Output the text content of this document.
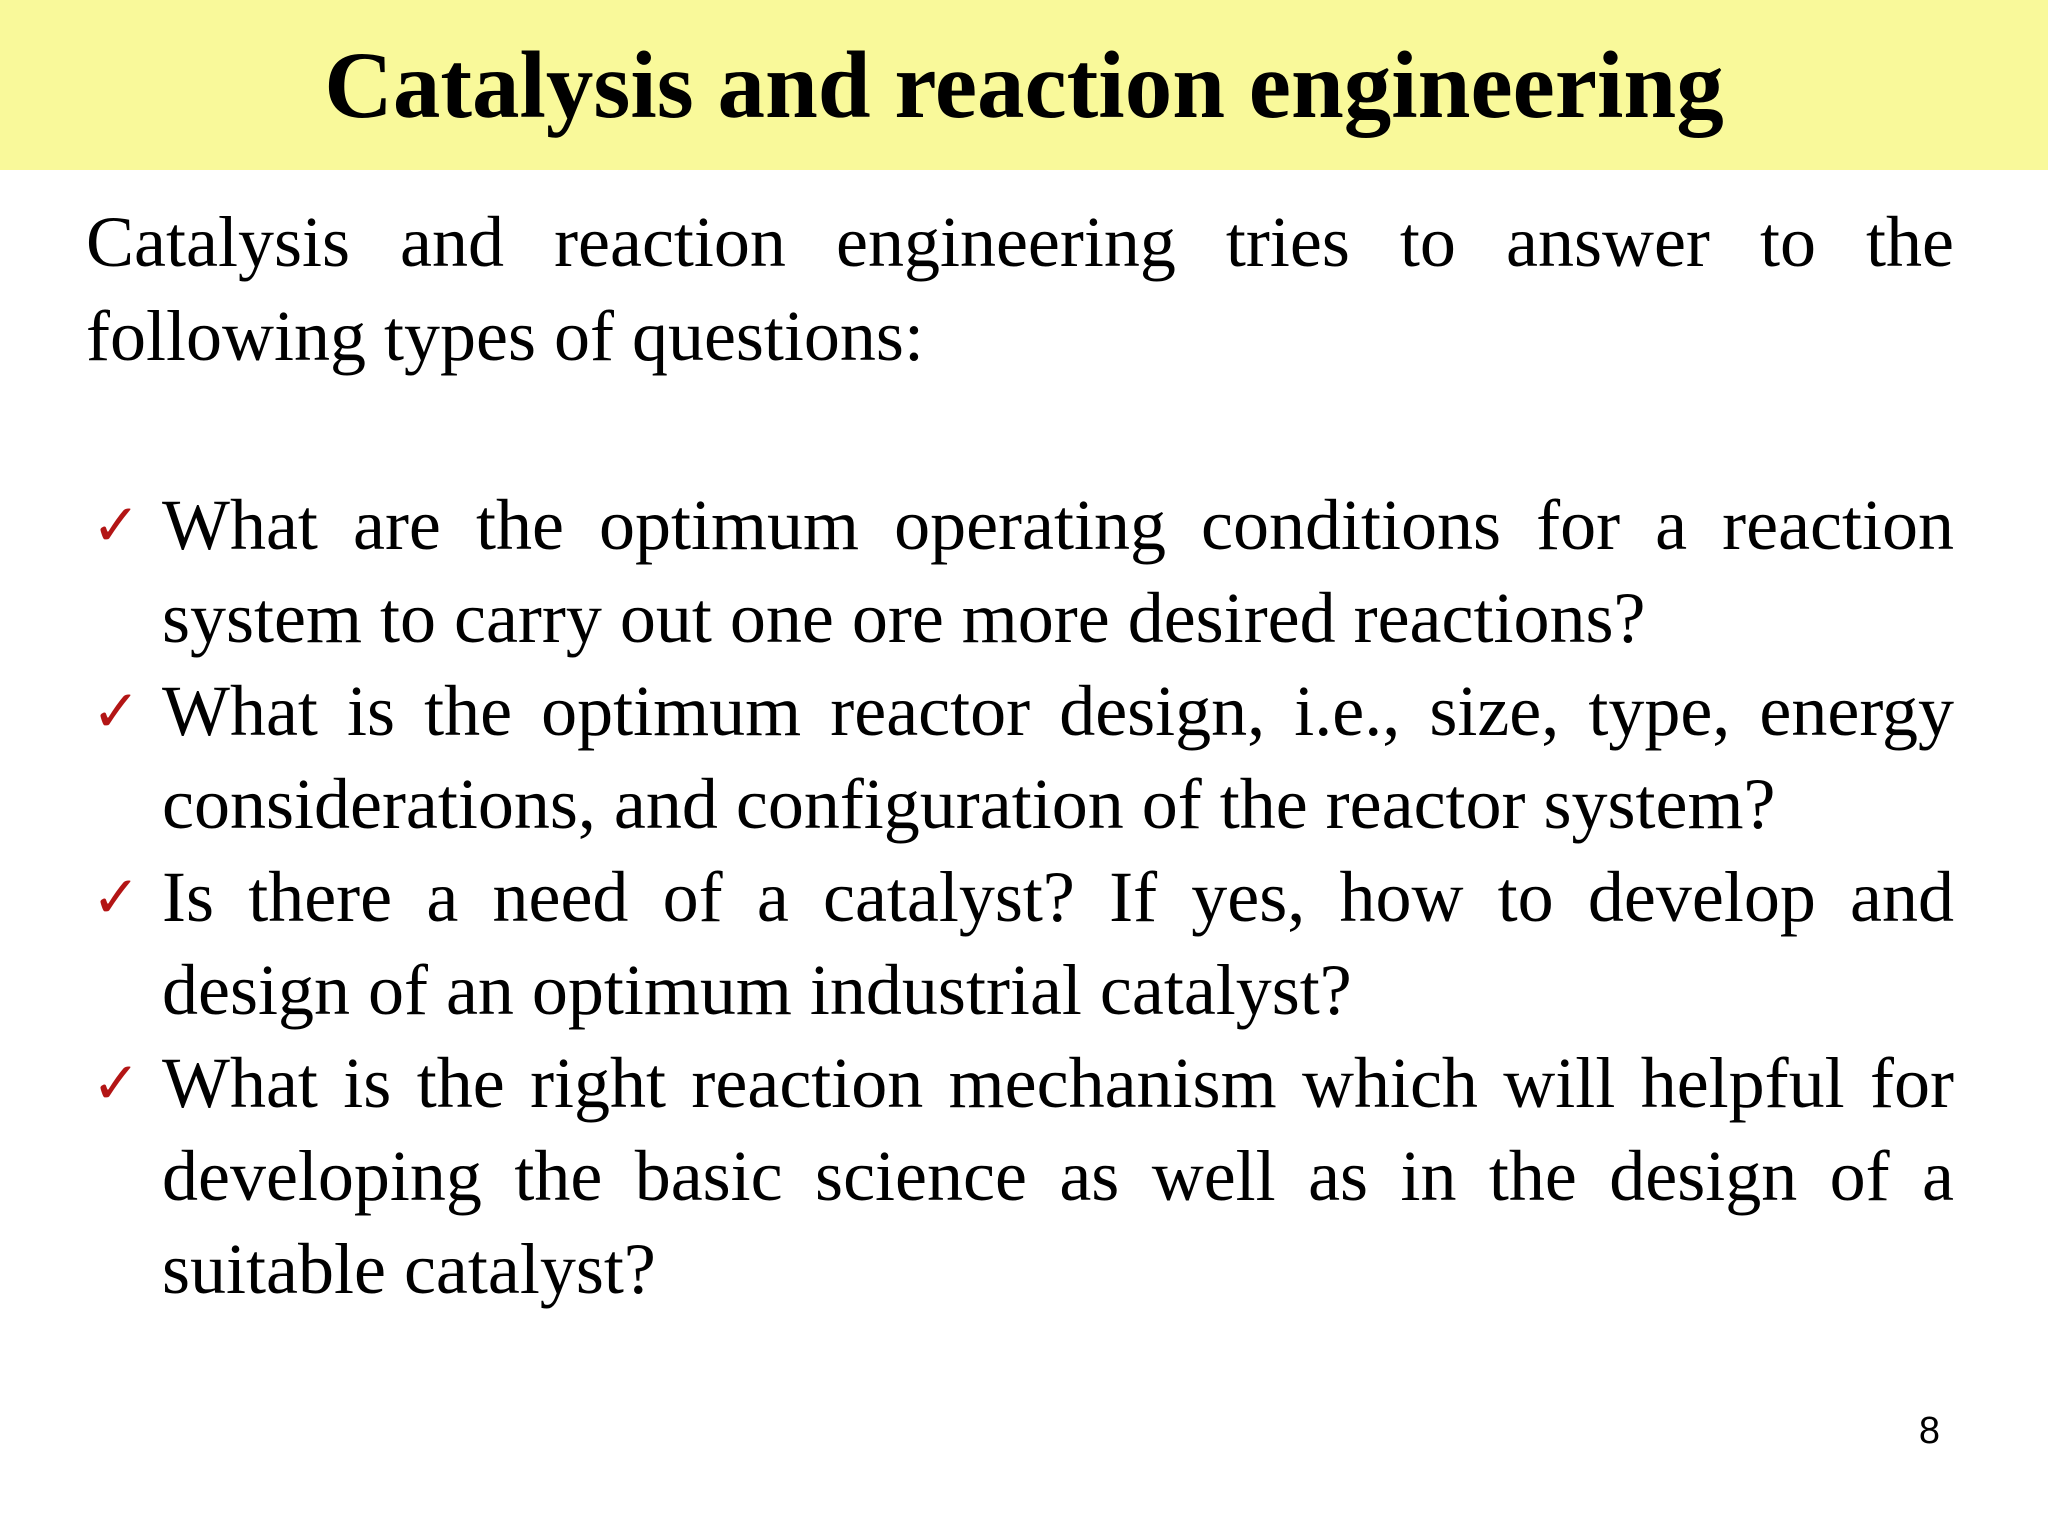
Catalysis and reaction engineering

Catalysis and reaction engineering tries to answer to the following types of questions:

✓ What are the optimum operating conditions for a reaction system to carry out one ore more desired reactions?
✓ What is the optimum reactor design, i.e., size, type, energy considerations, and configuration of the reactor system?
✓ Is there a need of a catalyst? If yes, how to develop and design of an optimum industrial catalyst?
✓ What is the right reaction mechanism which will helpful for developing the basic science as well as in the design of a suitable catalyst?
8
